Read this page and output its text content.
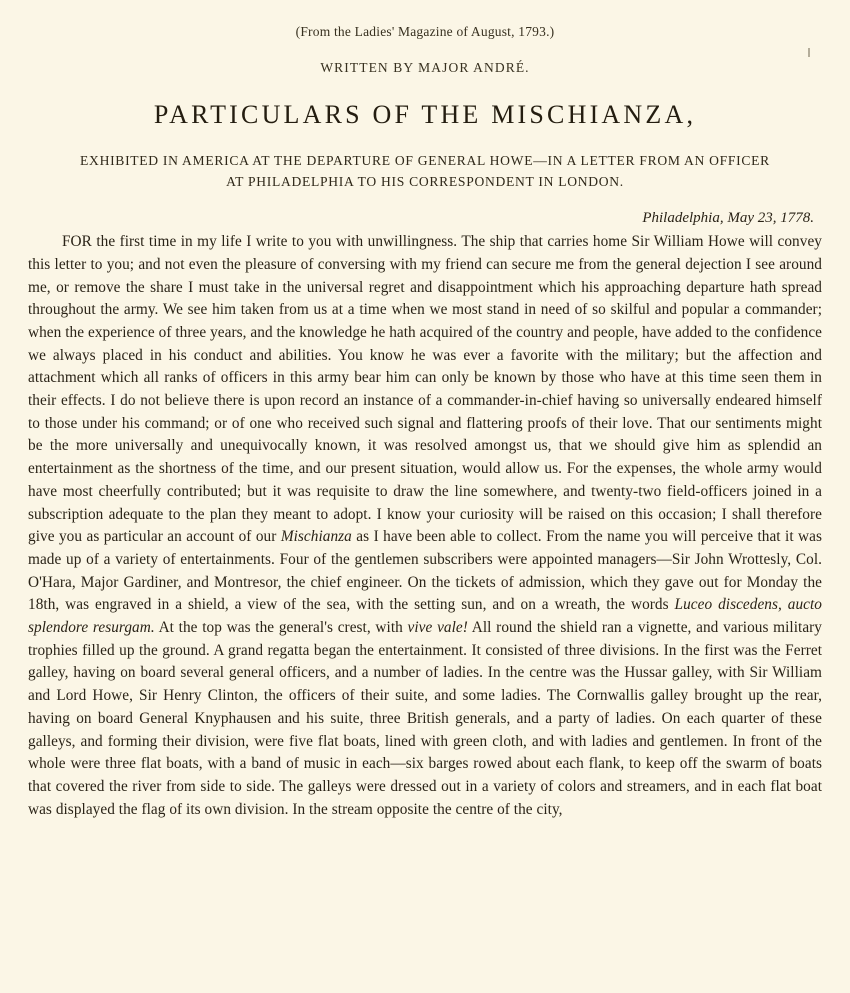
(From the Ladies' Magazine of August, 1793.)
WRITTEN BY MAJOR ANDRÉ.
PARTICULARS OF THE MISCHIANZA,
EXHIBITED IN AMERICA AT THE DEPARTURE OF GENERAL HOWE—IN A LETTER FROM AN OFFICER
AT PHILADELPHIA TO HIS CORRESPONDENT IN LONDON.
Philadelphia, May 23, 1778.
FOR the first time in my life I write to you with unwillingness. The ship that carries home Sir William Howe will convey this letter to you; and not even the pleasure of conversing with my friend can secure me from the general dejection I see around me, or remove the share I must take in the universal regret and disappointment which his approaching departure hath spread throughout the army. We see him taken from us at a time when we most stand in need of so skilful and popular a commander; when the experience of three years, and the knowledge he hath acquired of the country and people, have added to the confidence we always placed in his conduct and abilities. You know he was ever a favorite with the military; but the affection and attachment which all ranks of officers in this army bear him can only be known by those who have at this time seen them in their effects. I do not believe there is upon record an instance of a commander-in-chief having so universally endeared himself to those under his command; or of one who received such signal and flattering proofs of their love. That our sentiments might be the more universally and unequivocally known, it was resolved amongst us, that we should give him as splendid an entertainment as the shortness of the time, and our present situation, would allow us. For the expenses, the whole army would have most cheerfully contributed; but it was requisite to draw the line somewhere, and twenty-two field-officers joined in a subscription adequate to the plan they meant to adopt. I know your curiosity will be raised on this occasion; I shall therefore give you as particular an account of our Mischianza as I have been able to collect. From the name you will perceive that it was made up of a variety of entertainments. Four of the gentlemen subscribers were appointed managers—Sir John Wrottesly, Col. O'Hara, Major Gardiner, and Montresor, the chief engineer. On the tickets of admission, which they gave out for Monday the 18th, was engraved in a shield, a view of the sea, with the setting sun, and on a wreath, the words Luceo discedens, aucto splendore resurgam. At the top was the general's crest, with vive vale! All round the shield ran a vignette, and various military trophies filled up the ground. A grand regatta began the entertainment. It consisted of three divisions. In the first was the Ferret galley, having on board several general officers, and a number of ladies. In the centre was the Hussar galley, with Sir William and Lord Howe, Sir Henry Clinton, the officers of their suite, and some ladies. The Cornwallis galley brought up the rear, having on board General Knyphausen and his suite, three British generals, and a party of ladies. On each quarter of these galleys, and forming their division, were five flat boats, lined with green cloth, and with ladies and gentlemen. In front of the whole were three flat boats, with a band of music in each—six barges rowed about each flank, to keep off the swarm of boats that covered the river from side to side. The galleys were dressed out in a variety of colors and streamers, and in each flat boat was displayed the flag of its own division. In the stream opposite the centre of the city,
